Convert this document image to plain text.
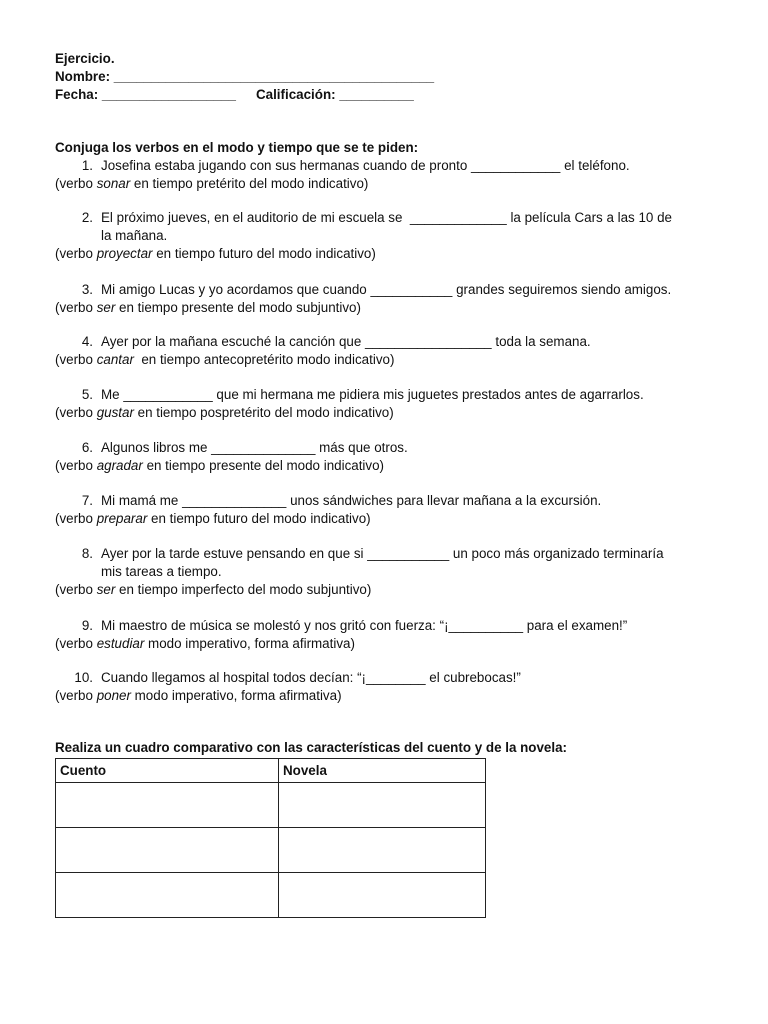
Ejercicio.
Nombre: ___________________________________________
Fecha: __________________ Calificación: __________
Conjuga los verbos en el modo y tiempo que se te piden:
1. Josefina estaba jugando con sus hermanas cuando de pronto ____________ el teléfono.
(verbo sonar en tiempo pretérito del modo indicativo)
2. El próximo jueves, en el auditorio de mi escuela se  _____________ la película Cars a las 10 de
la mañana.
(verbo proyectar en tiempo futuro del modo indicativo)
3. Mi amigo Lucas y yo acordamos que cuando ___________ grandes seguiremos siendo amigos.
(verbo ser en tiempo presente del modo subjuntivo)
4. Ayer por la mañana escuché la canción que _________________ toda la semana.
(verbo cantar  en tiempo antecopretérito modo indicativo)
5. Me ____________ que mi hermana me pidiera mis juguetes prestados antes de agarrarlos.
(verbo gustar en tiempo pospretérito del modo indicativo)
6. Algunos libros me ______________ más que otros.
(verbo agradar en tiempo presente del modo indicativo)
7. Mi mamá me ______________ unos sándwiches para llevar mañana a la excursión.
(verbo preparar en tiempo futuro del modo indicativo)
8. Ayer por la tarde estuve pensando en que si ___________ un poco más organizado terminaría
mis tareas a tiempo.
(verbo ser en tiempo imperfecto del modo subjuntivo)
9. Mi maestro de música se molestó y nos gritó con fuerza: “¡__________ para el examen!”
(verbo estudiar modo imperativo, forma afirmativa)
10. Cuando llegamos al hospital todos decían: “¡________ el cubrebocas!”
(verbo poner modo imperativo, forma afirmativa)
Realiza un cuadro comparativo con las características del cuento y de la novela:
Cuento	Novela
